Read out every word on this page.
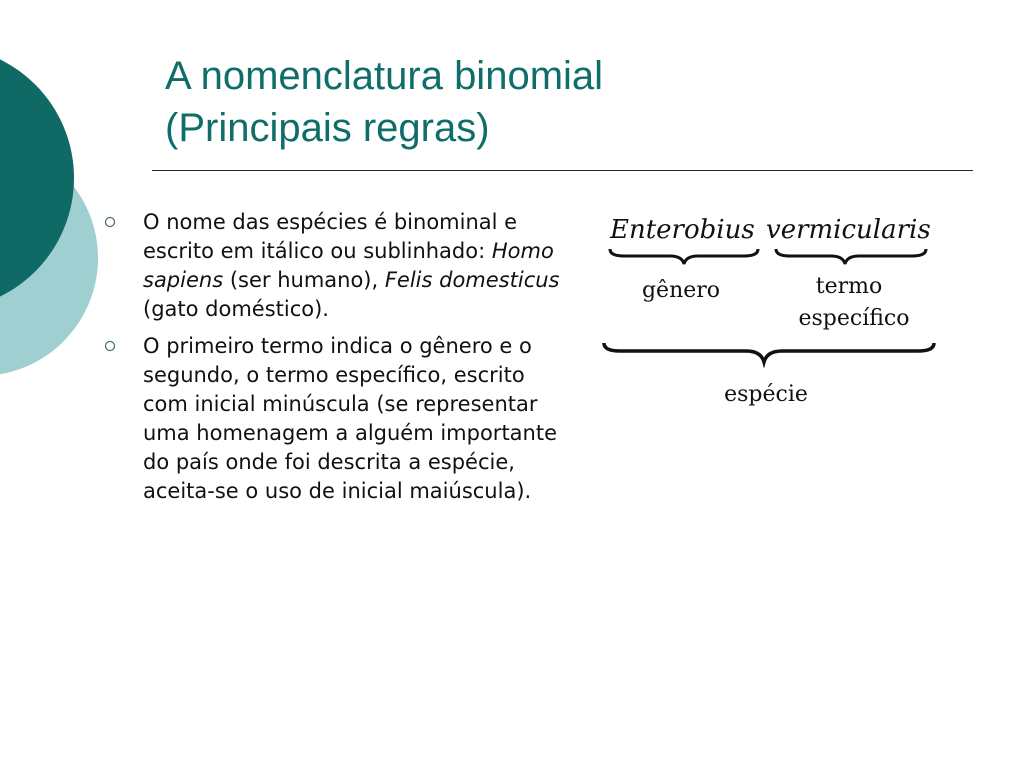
A nomenclatura binomial
(Principais regras)
O nome das espécies é binominal e escrito em itálico ou sublinhado: Homo sapiens (ser humano), Felis domesticus (gato doméstico).
O primeiro termo indica o gênero e o segundo, o termo específico, escrito com inicial minúscula (se representar uma homenagem a alguém importante do país onde foi descrita a espécie, aceita-se o uso de inicial maiúscula).
Enterobius vermicularis
gênero	termo
específico
espécie
